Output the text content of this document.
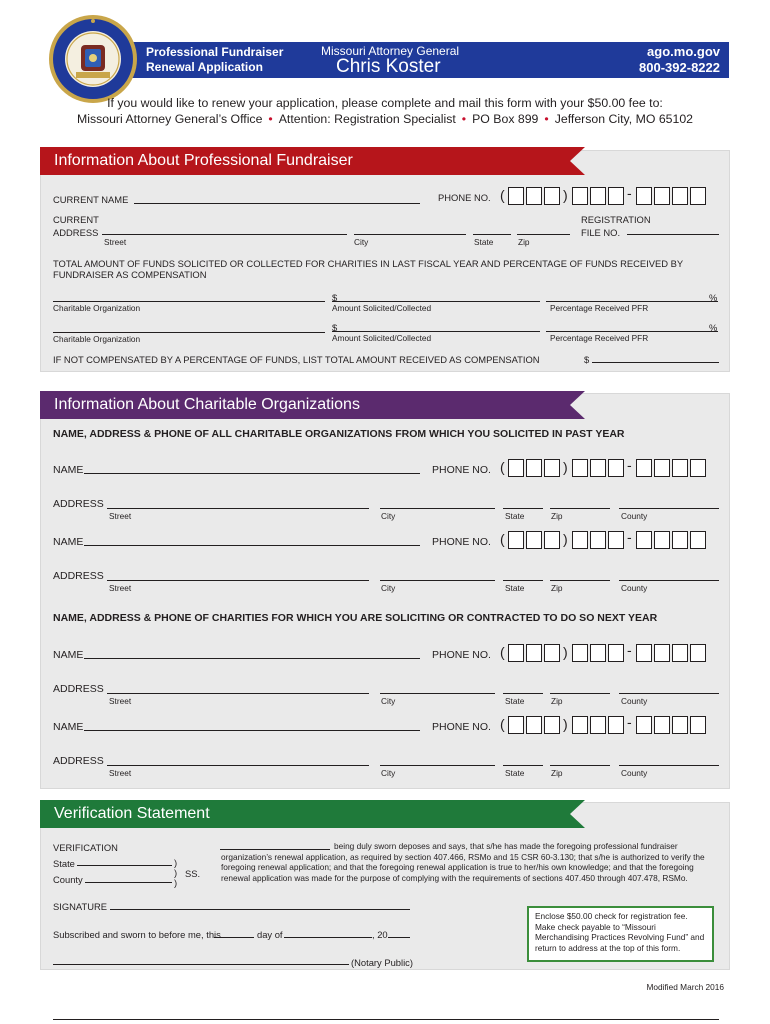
Professional Fundraiser
Renewal Application
Missouri Attorney General
Chris Koster
ago.mo.gov
800-392-8222
If you would like to renew your application, please complete and mail this form with your $50.00 fee to:
Missouri Attorney General’s Office • Attention: Registration Specialist • PO Box 899 • Jefferson City, MO 65102
Information About Professional Fundraiser
CURRENT NAME	PHONE NO. (	)	-
CURRENT
ADDRESS
Street	City	State	Zip
REGISTRATION
FILE NO.
TOTAL AMOUNT OF FUNDS SOLICITED OR COLLECTED FOR CHARITIES IN LAST FISCAL YEAR AND PERCENTAGE OF FUNDS RECEIVED BY FUNDRAISER AS COMPENSATION
$	%
Charitable Organization	Amount Solicited/Collected	Percentage Received PFR
$	%
Charitable Organization	Amount Solicited/Collected	Percentage Received PFR
IF NOT COMPENSATED BY A PERCENTAGE OF FUNDS, LIST TOTAL AMOUNT RECEIVED AS COMPENSATION	$
Information About Charitable Organizations
NAME, ADDRESS & PHONE OF ALL CHARITABLE ORGANIZATIONS FROM WHICH YOU SOLICITED IN PAST YEAR
NAME, ADDRESS & PHONE OF CHARITIES FOR WHICH YOU ARE SOLICITING OR CONTRACTED TO DO SO NEXT YEAR
NAME	PHONE NO. (	)	-
ADDRESS
Street	City	State	Zip	County
NAME	PHONE NO. (	)	-
ADDRESS
Street	City	State	Zip	County
NAME	PHONE NO. (	)	-
ADDRESS
Street	City	State	Zip	County
NAME	PHONE NO. (	)	-
ADDRESS
Street	City	State	Zip	County
Verification Statement
VERIFICATION
State
County
)
)
)
SS.
being duly sworn deposes and says, that s/he has made the foregoing professional fundraiser organization’s renewal application, as required by section 407.466, RSMo and 15 CSR 60-3.130; that s/he is authorized to verify the foregoing renewal application; and that the foregoing renewal application is true to her/his own knowledge; and that the foregoing renewal application was made for the purpose of complying with the requirements of sections 407.450 through 407.478, RSMo.
SIGNATURE
Subscribed and sworn to before me, this	day of	, 20
(Notary Public)
Enclose $50.00 check for registration fee. Make check payable to “Missouri Merchandising Practices Revolving Fund” and return to address at the top of this form.
Modified March 2016
